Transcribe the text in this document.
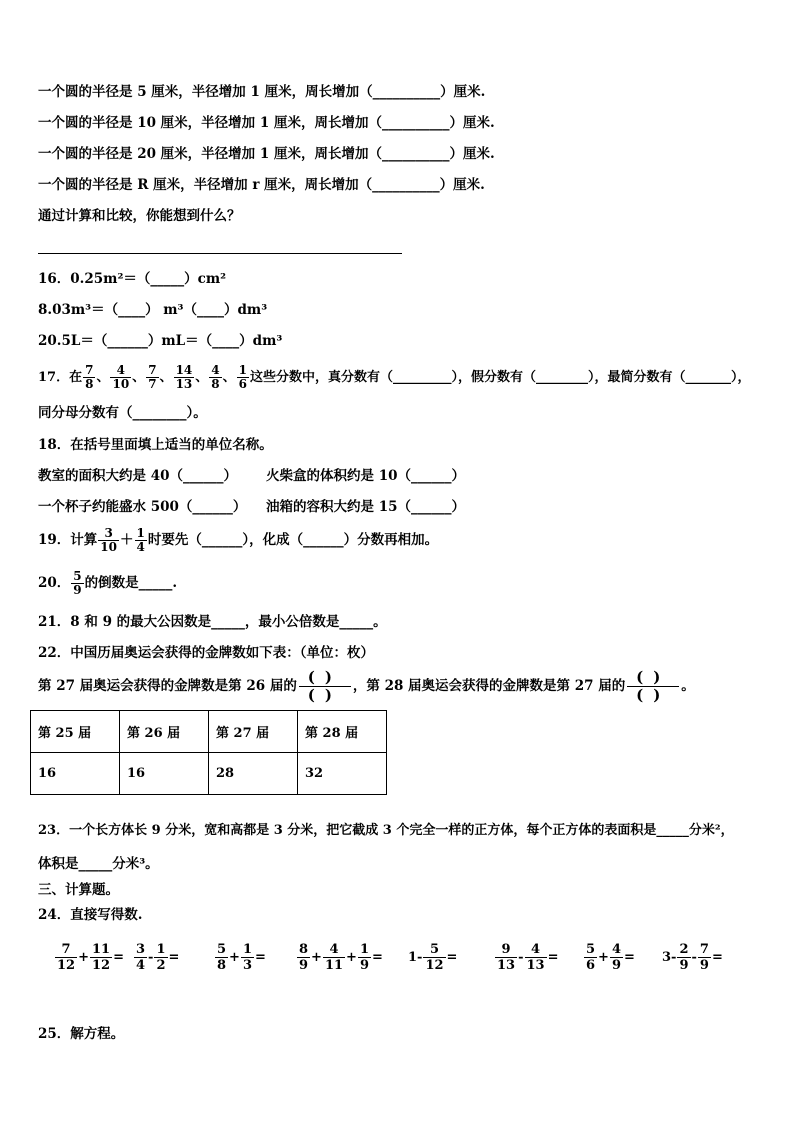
一个圆的半径是 5 厘米，半径增加 1 厘米，周长增加（__________）厘米.
一个圆的半径是 10 厘米，半径增加 1 厘米，周长增加（__________）厘米.
一个圆的半径是 20 厘米，半径增加 1 厘米，周长增加（__________）厘米.
一个圆的半径是 R 厘米，半径增加 r 厘米，周长增加（__________）厘米.
通过计算和比较，你能想到什么？
16．0.25m²＝（_____）cm²
8.03m³＝（____） m³（____）dm³
20.5L＝（______）mL＝（____）dm³
17．在 $\frac{7}{8}$ 、 $\frac{4}{10}$ 、 $\frac{7}{7}$ 、 $\frac{14}{13}$ 、 $\frac{4}{8}$ 、 $\frac{1}{6}$ 这些分数中，真分数有（_________），假分数有（________），最简分数有（_______），
同分母分数有（________）。
18．在括号里面填上适当的单位名称。
教室的面积大约是 40（______） 火柴盒的体积约是 10（______）
一个杯子约能盛水 500（______） 油箱的容积大约是 15（______）
19．计算 $\frac{3}{10} + \frac{1}{4}$ 时要先（______），化成（______）分数再相加。
20． $\frac{5}{9}$ 的倒数是_____.
21．8 和 9 的最大公因数是_____，最小公倍数是_____。
22．中国历届奥运会获得的金牌数如下表：（单位：枚）
第 27 届奥运会获得的金牌数是第 26 届的 ()
() ，第 28 届奥运会获得的金牌数是第 27 届的 ()
() 。
第 25 届	第 26 届	第 27 届	第 28 届
16	16	28	32
23．一个长方体长 9 分米，宽和高都是 3 分米，把它截成 3 个完全一样的正方体，每个正方体的表面积是_____分米²，
体积是_____分米³。
三、计算题。
24．直接写得数.
$\frac{7}{12} + \frac{11}{12} = \frac{3}{4} - \frac{1}{2}$ =	$\frac{5}{8} + \frac{1}{3} = \frac{8}{9} + \frac{4}{11} + \frac{1}{9} = 1- \frac{5}{12}$ =	$\frac{9}{13} - \frac{4}{13} = \frac{5}{6} + \frac{4}{9} = 3- \frac{2}{9} - \frac{7}{9}$ =
25．解方程。
